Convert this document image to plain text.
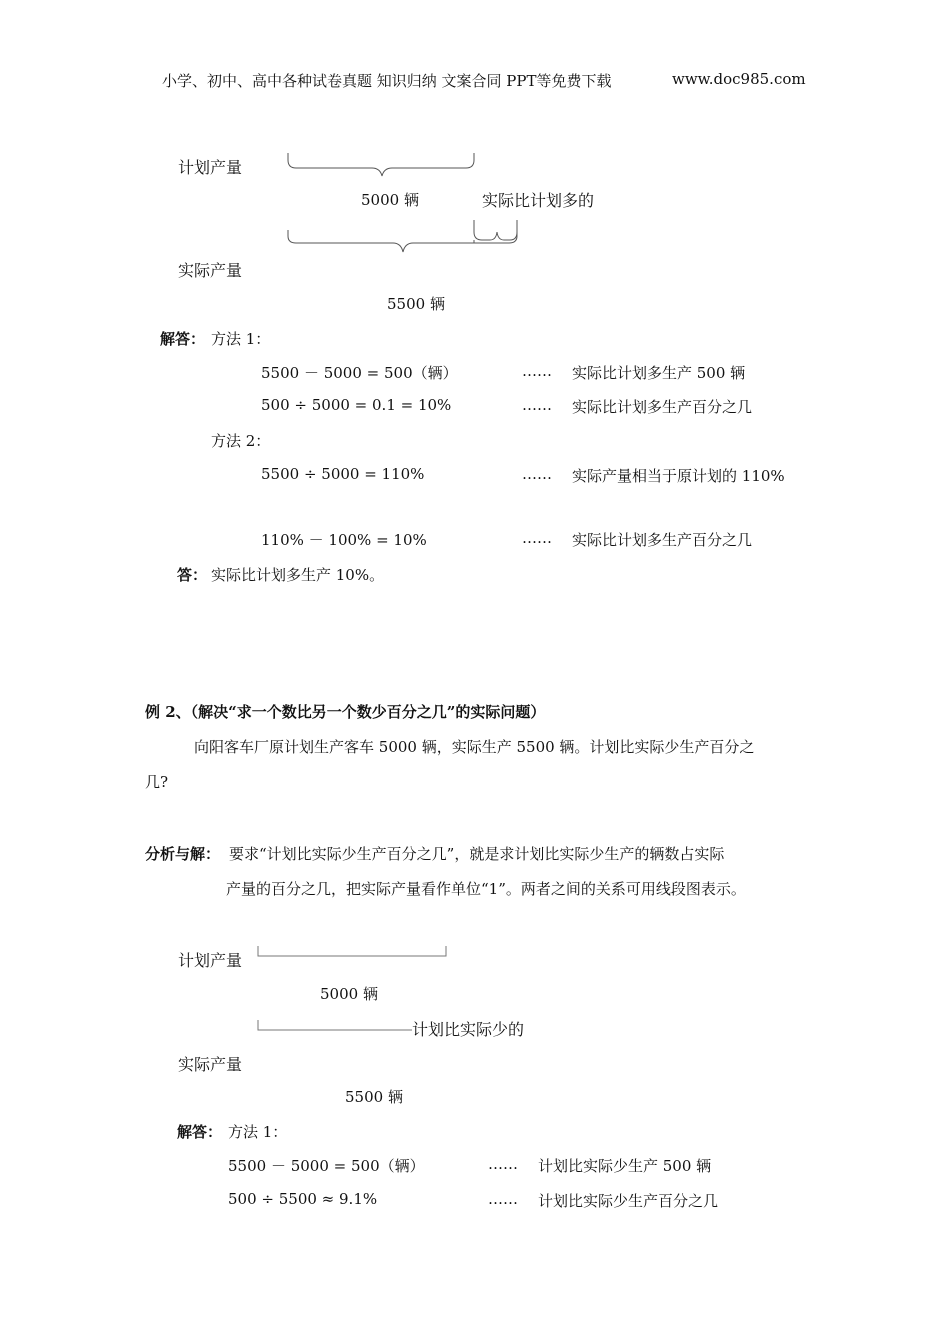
小学、初中、高中各种试卷真题 知识归纳 文案合同 PPT等免费下载	www.doc985.com
计划产量
5000 辆	实际比计划多的
实际产量
5500 辆
解答： 方法 1：
5500 － 5000 = 500（辆）	…… 实际比计划多生产 500 辆
500 ÷ 5000 = 0.1 = 10%	…… 实际比计划多生产百分之几
方法 2：
5500 ÷ 5000 = 110%	…… 实际产量相当于原计划的 110%
110% － 100% = 10%	…… 实际比计划多生产百分之几
答： 实际比计划多生产 10%。
例 2、（解决“求一个数比另一个数少百分之几”的实际问题）
向阳客车厂原计划生产客车 5000 辆，实际生产 5500 辆。计划比实际少生产百分之
几?
分析与解： 要求“计划比实际少生产百分之几”，就是求计划比实际少生产的辆数占实际
产量的百分之几，把实际产量看作单位“1”。两者之间的关系可用线段图表示。
计划产量
5000 辆
计划比实际少的
实际产量
5500 辆
解答： 方法 1：
5500 － 5000 = 500（辆）	…… 计划比实际少生产 500 辆
500 ÷ 5500 ≈ 9.1%	…… 计划比实际少生产百分之几
